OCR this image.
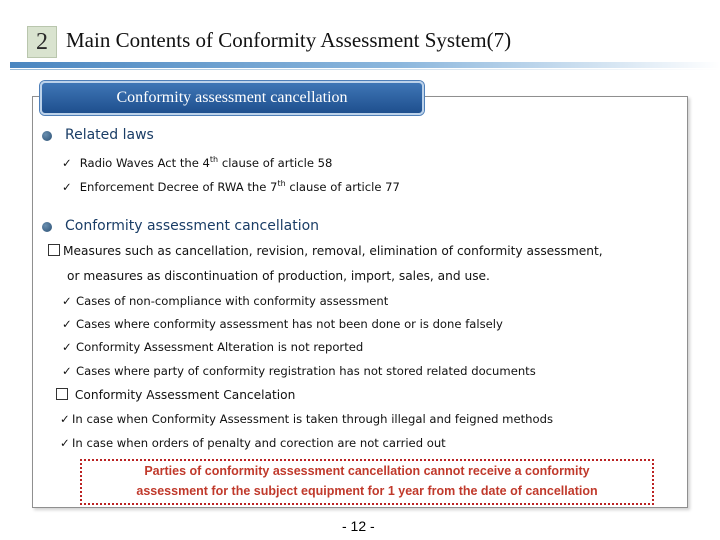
2 Main Contents of Conformity Assessment System(7)
Conformity assessment cancellation
Related laws
✓ Radio Waves Act the 4th clause of article 58
✓ Enforcement Decree of RWA the 7th clause of article 77
Conformity assessment cancellation
Measures such as cancellation, revision, removal, elimination of conformity assessment,
or measures as discontinuation of production, import, sales, and use.
✓ Cases of non-compliance with conformity assessment
✓ Cases where conformity assessment has not been done or is done falsely
✓ Conformity Assessment Alteration is not reported
✓ Cases where party of conformity registration has not stored related documents
Conformity Assessment Cancelation
✓ In case when Conformity Assessment is taken through illegal and feigned methods
✓ In case when orders of penalty and corection are not carried out
Parties of conformity assessment cancellation cannot receive a conformity
assessment for the subject equipment for 1 year from the date of cancellation
- 12 -
